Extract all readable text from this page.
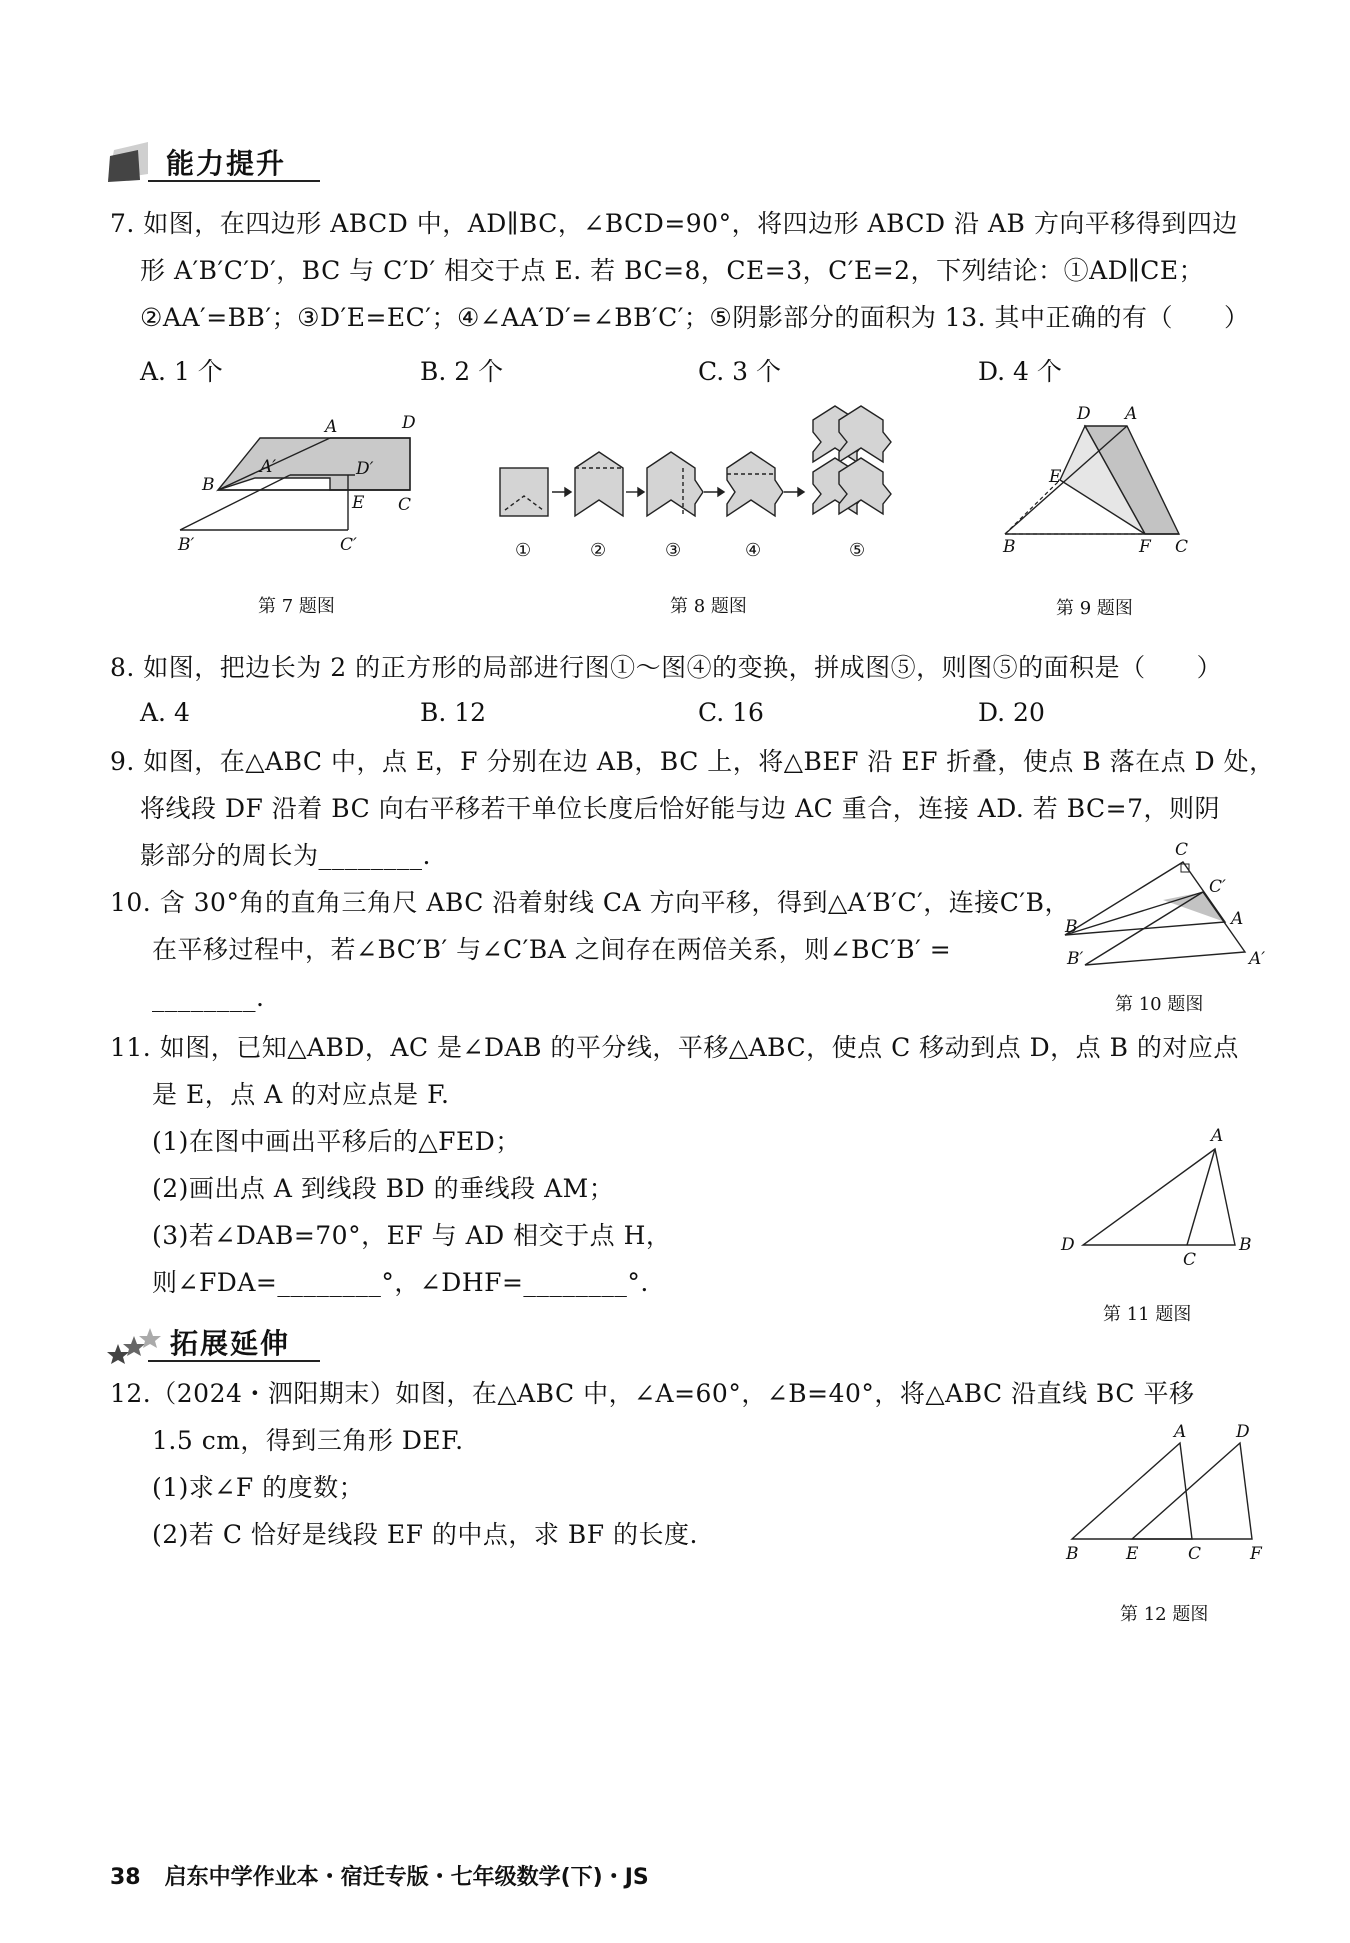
能力提升
7. 如图，在四边形 ABCD 中，AD∥BC，∠BCD=90°，将四边形 ABCD 沿 AB 方向平移得到四边
形 A′B′C′D′，BC 与 C′D′ 相交于点 E. 若 BC=8，CE=3，C′E=2，下列结论：①AD∥CE；
②AA′=BB′；③D′E=EC′；④∠AA′D′=∠BB′C′；⑤阴影部分的面积为 13. 其中正确的有（　　）
A. 1 个	B. 2 个	C. 3 个	D. 4 个
A	D
A′	D′
B
E C
B′	C′
第 7 题图
①	②	③	④	⑤
第 8 题图
D A
E
B	F C
第 9 题图
8. 如图，把边长为 2 的正方形的局部进行图①～图④的变换，拼成图⑤，则图⑤的面积是（　　）
A. 4	B. 12	C. 16	D. 20
9. 如图，在△ABC 中，点 E，F 分别在边 AB，BC 上，将△BEF 沿 EF 折叠，使点 B 落在点 D 处，
将线段 DF 沿着 BC 向右平移若干单位长度后恰好能与边 AC 重合，连接 AD. 若 BC=7，则阴
影部分的周长为________.
10. 含 30°角的直角三角尺 ABC 沿着射线 CA 方向平移，得到△A′B′C′，连接C′B，
在平移过程中，若∠BC′B′ 与∠C′BA 之间存在两倍关系，则∠BC′B′ =
________.
C
C′
A
B
B′	A′
第 10 题图
11. 如图，已知△ABD，AC 是∠DAB 的平分线，平移△ABC，使点 C 移动到点 D，点 B 的对应点
是 E，点 A 的对应点是 F.
(1)在图中画出平移后的△FED；
(2)画出点 A 到线段 BD 的垂线段 AM；
(3)若∠DAB=70°，EF 与 AD 相交于点 H，
则∠FDA=________°，∠DHF=________°.
A
D	B
C
第 11 题图
拓展延伸
12.（2024・泗阳期末）如图，在△ABC 中，∠A=60°，∠B=40°，将△ABC 沿直线 BC 平移
1.5 cm，得到三角形 DEF.
(1)求∠F 的度数；
(2)若 C 恰好是线段 EF 的中点，求 BF 的长度.
A	D
B	E	C	F
第 12 题图
38 启东中学作业本・宿迁专版・七年级数学(下)・JS
